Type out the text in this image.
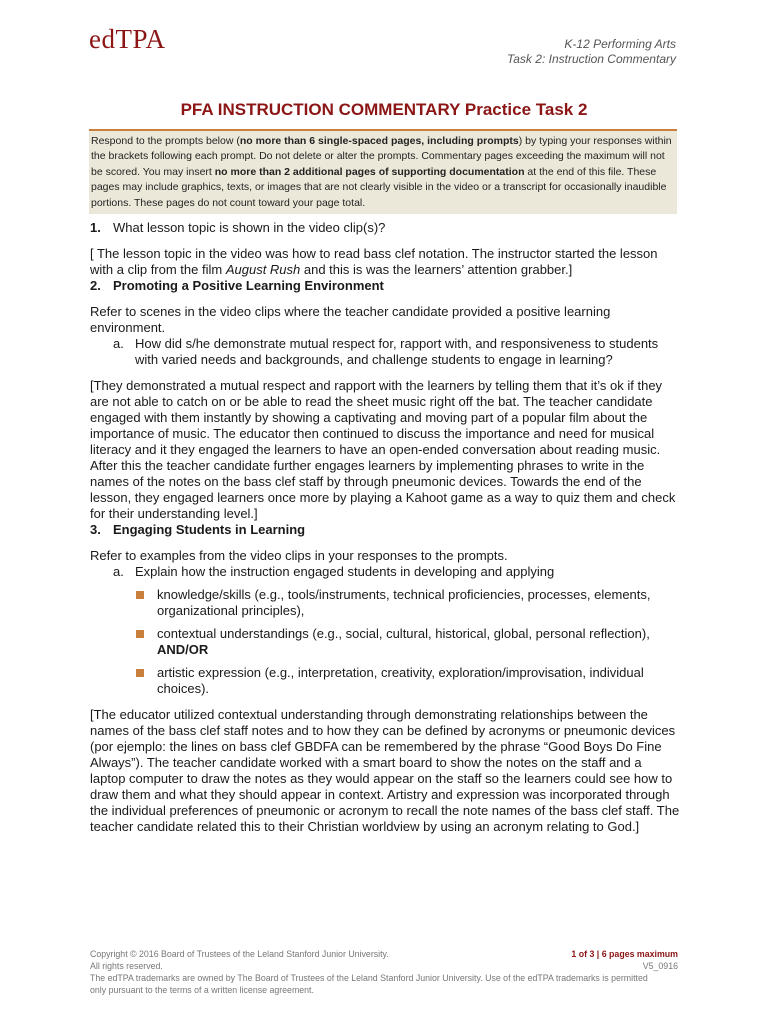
edTPA	K-12 Performing Arts
Task 2: Instruction Commentary
PFA INSTRUCTION COMMENTARY Practice Task 2
Respond to the prompts below (no more than 6 single-spaced pages, including prompts) by typing your responses within the brackets following each prompt. Do not delete or alter the prompts. Commentary pages exceeding the maximum will not be scored. You may insert no more than 2 additional pages of supporting documentation at the end of this file. These pages may include graphics, texts, or images that are not clearly visible in the video or a transcript for occasionally inaudible portions. These pages do not count toward your page total.
1. What lesson topic is shown in the video clip(s)?

[ The lesson topic in the video was how to read bass clef notation. The instructor started the lesson with a clip from the film August Rush and this is was the learners’ attention grabber.]

2. Promoting a Positive Learning Environment

Refer to scenes in the video clips where the teacher candidate provided a positive learning environment.

a. How did s/he demonstrate mutual respect for, rapport with, and responsiveness to students with varied needs and backgrounds, and challenge students to engage in learning?

[They demonstrated a mutual respect and rapport with the learners by telling them that it’s ok if they are not able to catch on or be able to read the sheet music right off the bat. The teacher candidate engaged with them instantly by showing a captivating and moving part of a popular film about the importance of music. The educator then continued to discuss the importance and need for musical literacy and it they engaged the learners to have an open-ended conversation about reading music. After this the teacher candidate further engages learners by implementing phrases to write in the names of the notes on the bass clef staff by through pneumonic devices. Towards the end of the lesson, they engaged learners once more by playing a Kahoot game as a way to quiz them and check for their understanding level.]

3. Engaging Students in Learning

Refer to examples from the video clips in your responses to the prompts.

a. Explain how the instruction engaged students in developing and applying
knowledge/skills (e.g., tools/instruments, technical proficiencies, processes, elements, organizational principles),
contextual understandings (e.g., social, cultural, historical, global, personal reflection), AND/OR
artistic expression (e.g., interpretation, creativity, exploration/improvisation, individual choices).

[The educator utilized contextual understanding through demonstrating relationships between the names of the bass clef staff notes and to how they can be defined by acronyms or pneumonic devices (por ejemplo: the lines on bass clef GBDFA can be remembered by the phrase “Good Boys Do Fine Always”). The teacher candidate worked with a smart board to show the notes on the staff and a laptop computer to draw the notes as they would appear on the staff so the learners could see how to draw them and what they should appear in context. Artistry and expression was incorporated through the individual preferences of pneumonic or acronym to recall the note names of the bass clef staff. The teacher candidate related this to their Christian worldview by using an acronym relating to God.]

Copyright © 2016 Board of Trustees of the Leland Stanford Junior University.
All rights reserved.
The edTPA trademarks are owned by The Board of Trustees of the Leland Stanford Junior University. Use of the edTPA trademarks is permitted only pursuant to the terms of a written license agreement.
1 of 3 | 6 pages maximum
V5_0916
